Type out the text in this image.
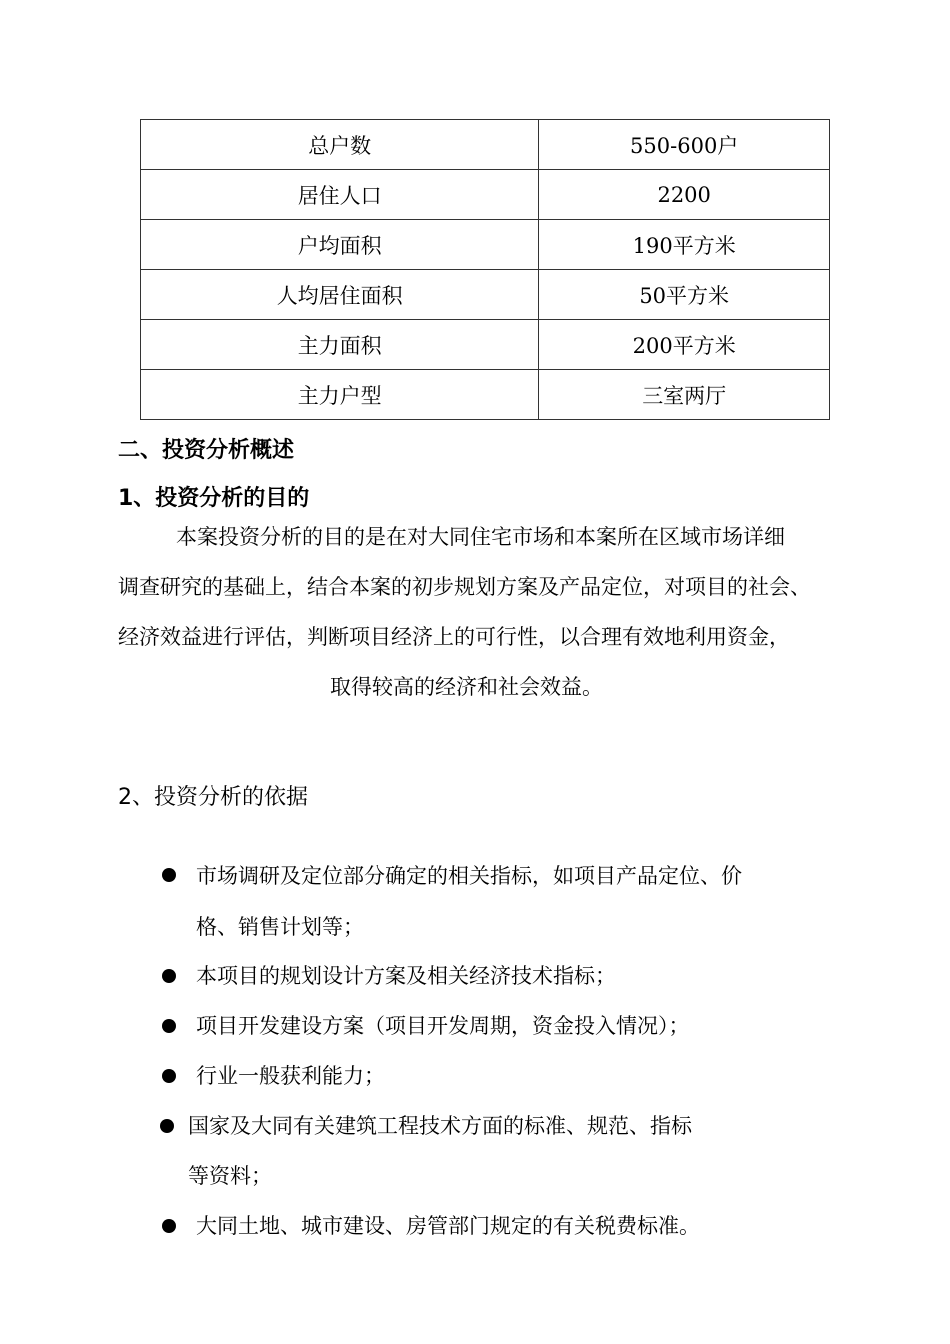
总户数	550-600户
居住人口	2200
户均面积	190平方米
人均居住面积	50平方米
主力面积	200平方米
主力户型	三室两厅
二、投资分析概述
1、投资分析的目的
本案投资分析的目的是在对大同住宅市场和本案所在区域市场详细
调查研究的基础上，结合本案的初步规划方案及产品定位，对项目的社会、
经济效益进行评估，判断项目经济上的可行性，以合理有效地利用资金，
取得较高的经济和社会效益。
2、投资分析的依据
市场调研及定位部分确定的相关指标，如项目产品定位、价
格、销售计划等；
本项目的规划设计方案及相关经济技术指标；
项目开发建设方案（项目开发周期，资金投入情况）；
行业一般获利能力；
国家及大同有关建筑工程技术方面的标准、规范、指标
等资料；
大同土地、城市建设、房管部门规定的有关税费标准。
